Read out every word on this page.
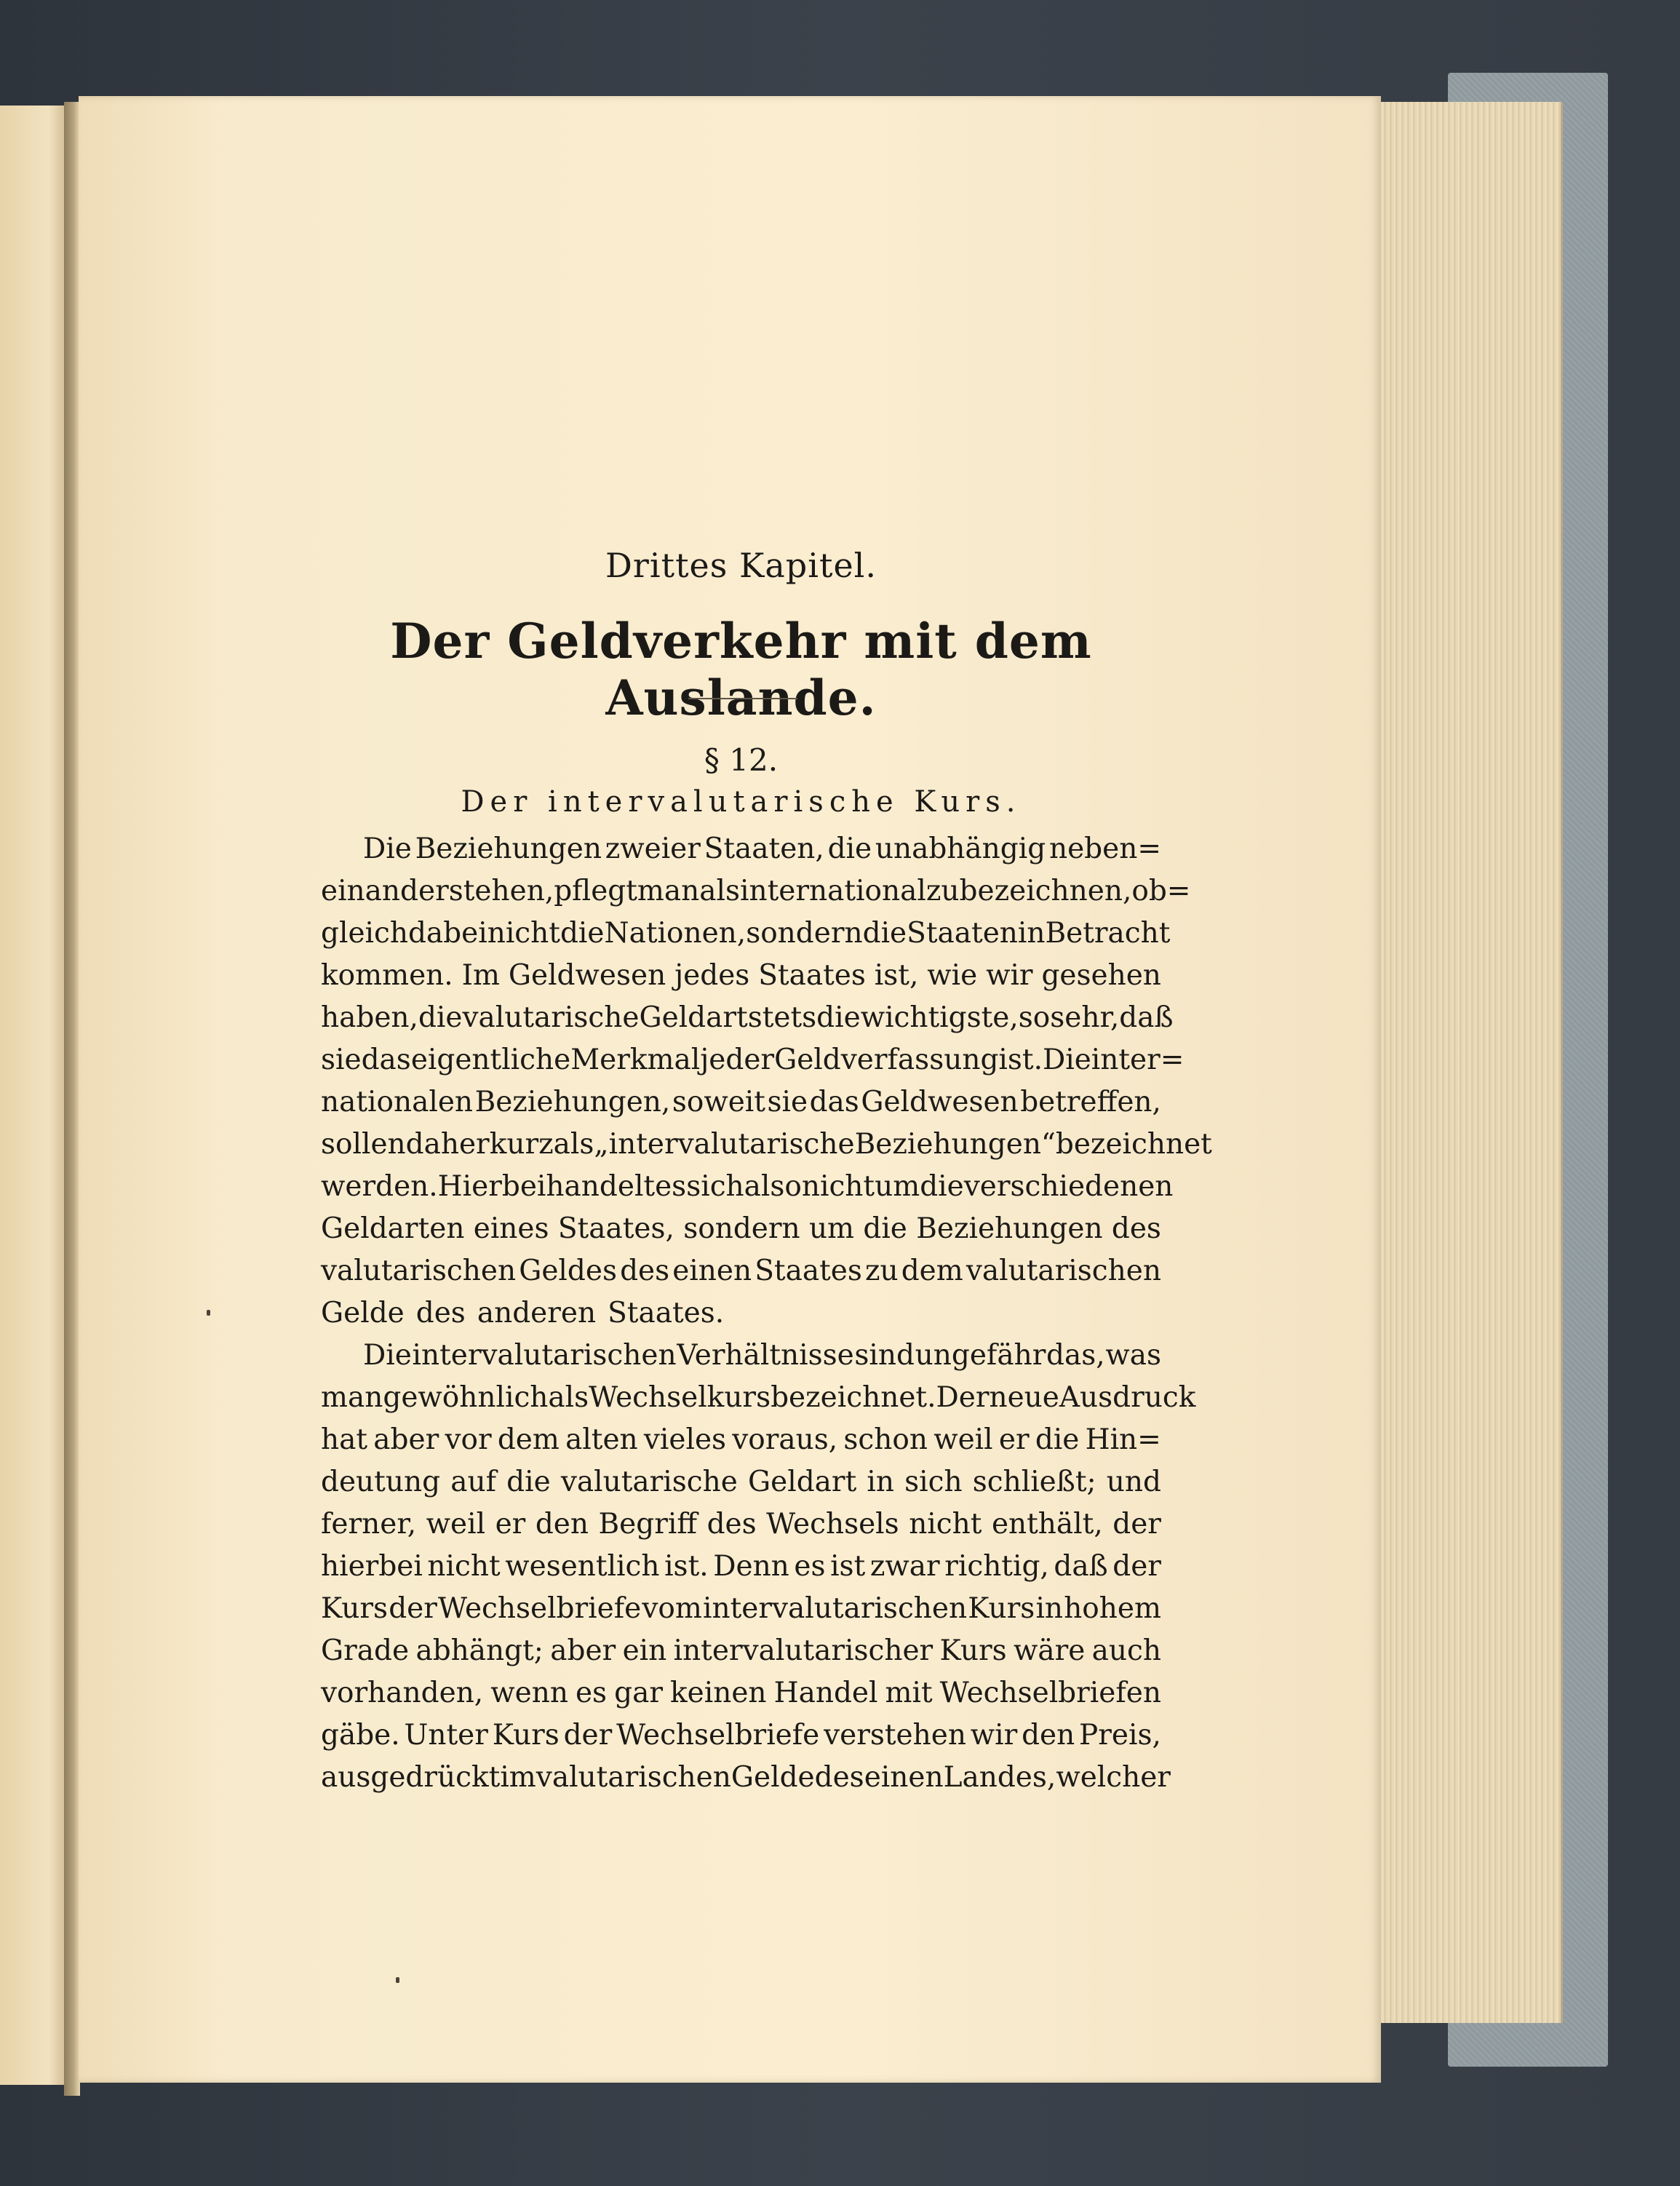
Drittes Kapitel.
Der Geldverkehr mit dem Auslande.
§ 12.
Der intervalutarische Kurs.
Die Beziehungen zweier Staaten, die unabhängig neben=
einander stehen, pflegt man als international zu bezeichnen, ob=
gleich dabei nicht die Nationen, sondern die Staaten in Betracht
kommen. Im Geldwesen jedes Staates ist, wie wir gesehen
haben, die valutarische Geldart stets die wichtigste, so sehr, daß
sie das eigentliche Merkmal jeder Geldverfassung ist. Die inter=
nationalen Beziehungen, soweit sie das Geldwesen betreffen,
sollen daher kurz als „intervalutarische Beziehungen“ bezeichnet
werden. Hierbei handelt es sich also nicht um die verschiedenen
Geldarten eines Staates, sondern um die Beziehungen des
valutarischen Geldes des einen Staates zu dem valutarischen
Gelde des anderen Staates.
Die intervalutarischen Verhältnisse sind ungefähr das, was
man gewöhnlich als Wechselkurs bezeichnet. Der neue Ausdruck
hat aber vor dem alten vieles voraus, schon weil er die Hin=
deutung auf die valutarische Geldart in sich schließt; und
ferner, weil er den Begriff des Wechsels nicht enthält, der
hierbei nicht wesentlich ist. Denn es ist zwar richtig, daß der
Kurs der Wechselbriefe vom intervalutarischen Kurs in hohem
Grade abhängt; aber ein intervalutarischer Kurs wäre auch
vorhanden, wenn es gar keinen Handel mit Wechselbriefen
gäbe. Unter Kurs der Wechselbriefe verstehen wir den Preis,
ausgedrückt im valutarischen Gelde des einen Landes, welcher
